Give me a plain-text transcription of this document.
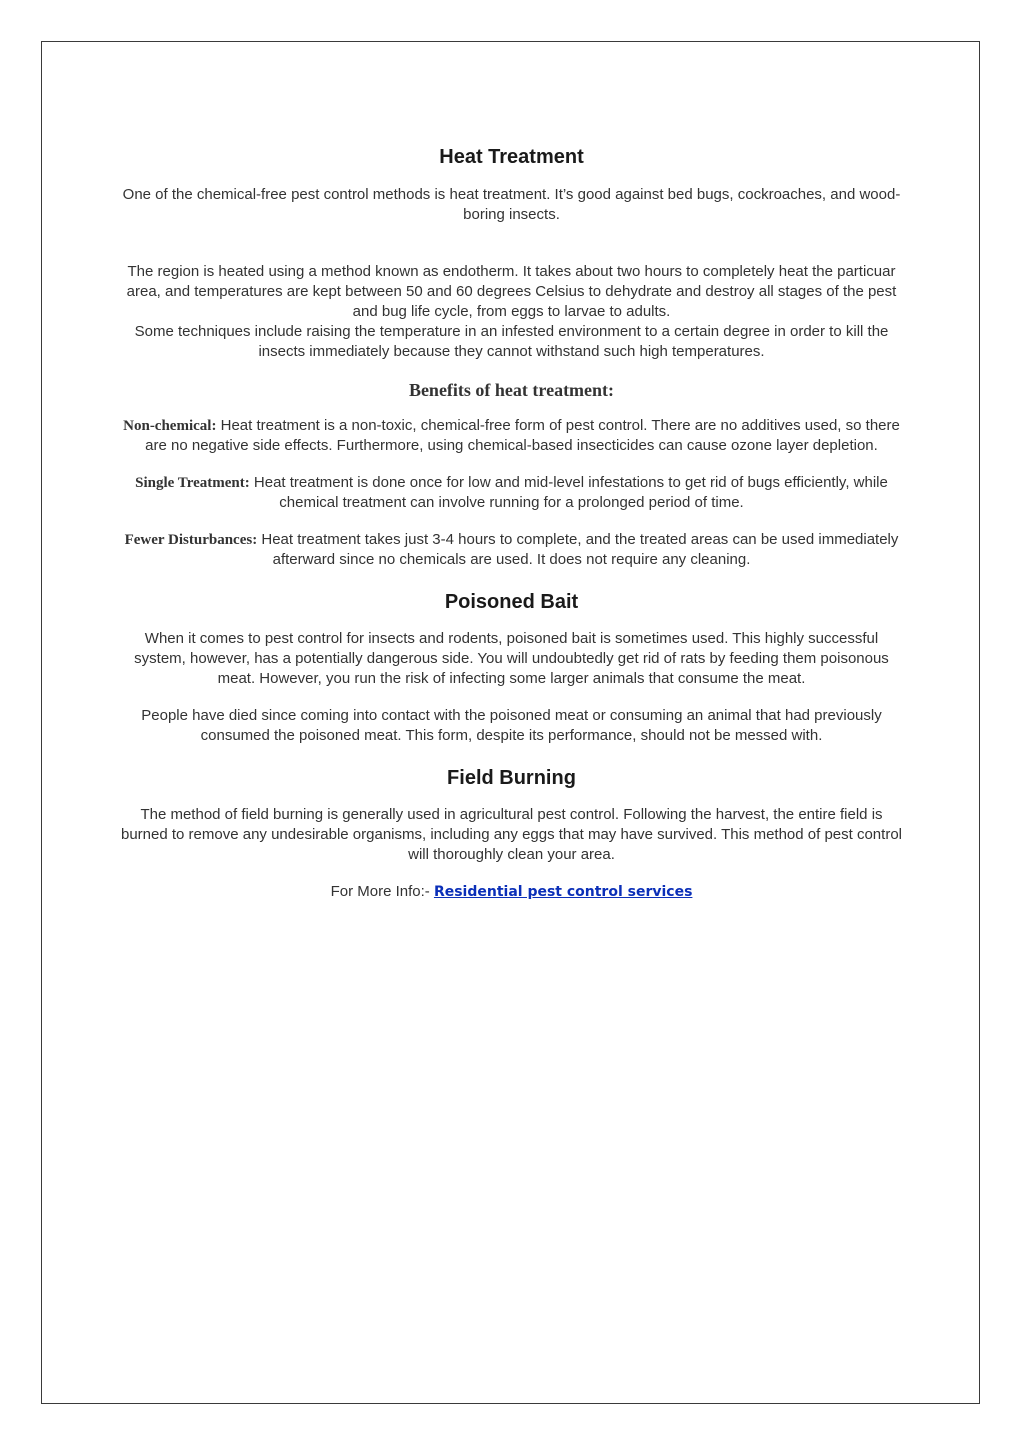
Heat Treatment

One of the chemical-free pest control methods is heat treatment. It’s good against bed bugs, cockroaches, and wood-boring insects.

The region is heated using a method known as endotherm. It takes about two hours to completely heat the particuar area, and temperatures are kept between 50 and 60 degrees Celsius to dehydrate and destroy all stages of the pest and bug life cycle, from eggs to larvae to adults.

Some techniques include raising the temperature in an infested environment to a certain degree in order to kill the insects immediately because they cannot withstand such high temperatures.

Benefits of heat treatment:

Non-chemical: Heat treatment is a non-toxic, chemical-free form of pest control. There are no additives used, so there are no negative side effects. Furthermore, using chemical-based insecticides can cause ozone layer depletion.

Single Treatment: Heat treatment is done once for low and mid-level infestations to get rid of bugs efficiently, while chemical treatment can involve running for a prolonged period of time.

Fewer Disturbances: Heat treatment takes just 3-4 hours to complete, and the treated areas can be used immediately afterward since no chemicals are used. It does not require any cleaning.

Poisoned Bait

When it comes to pest control for insects and rodents, poisoned bait is sometimes used. This highly successful system, however, has a potentially dangerous side. You will undoubtedly get rid of rats by feeding them poisonous meat. However, you run the risk of infecting some larger animals that consume the meat.

People have died since coming into contact with the poisoned meat or consuming an animal that had previously consumed the poisoned meat. This form, despite its performance, should not be messed with.

Field Burning

The method of field burning is generally used in agricultural pest control. Following the harvest, the entire field is burned to remove any undesirable organisms, including any eggs that may have survived. This method of pest control will thoroughly clean your area.

For More Info:- Residential pest control services
